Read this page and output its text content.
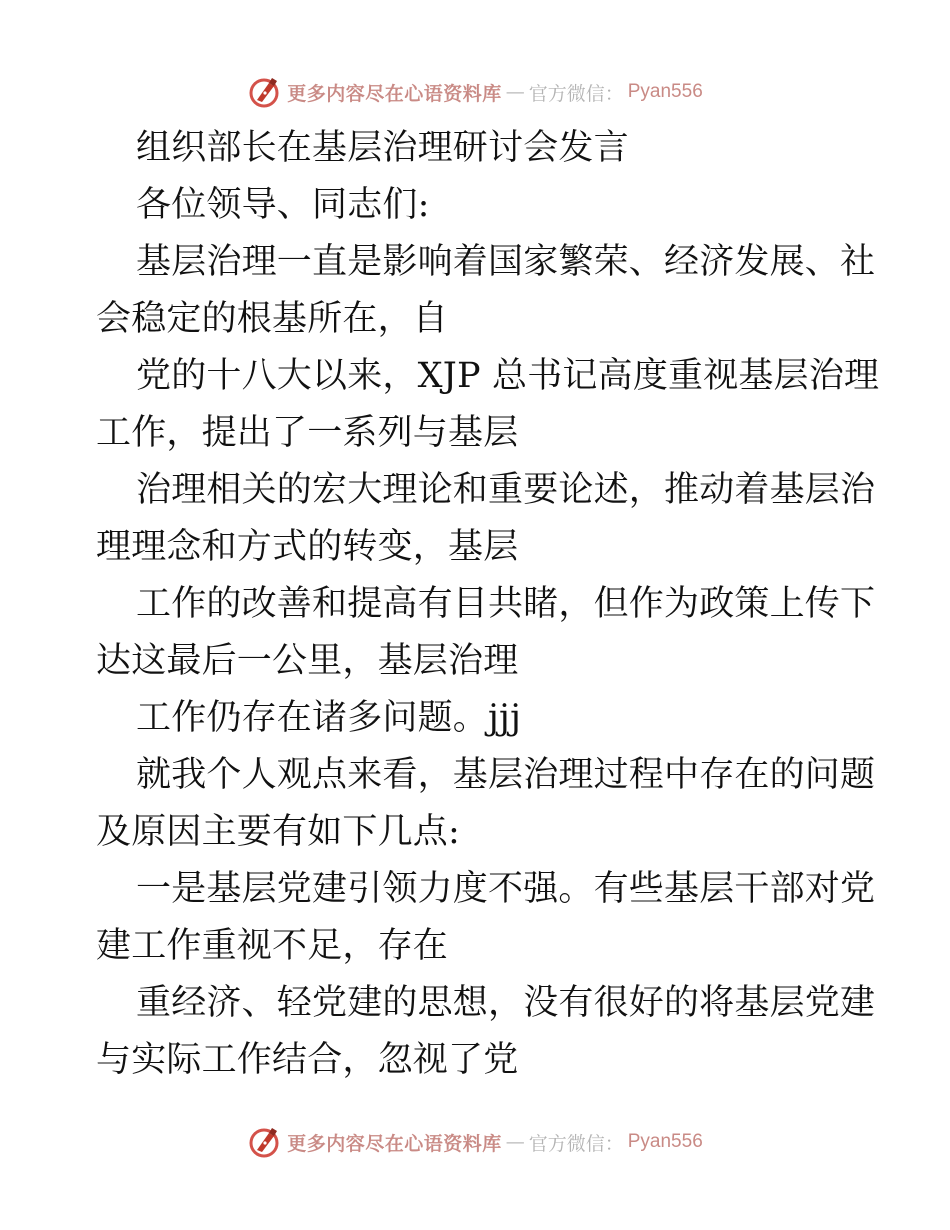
更多内容尽在心语资料库 — 官方微信： Pyan556
组织部长在基层治理研讨会发言
各位领导、同志们:
基层治理一直是影响着国家繁荣、经济发展、社
会稳定的根基所在，自
党的十八大以来，XJP 总书记高度重视基层治理
工作，提出了一系列与基层
治理相关的宏大理论和重要论述，推动着基层治
理理念和方式的转变，基层
工作的改善和提高有目共睹，但作为政策上传下
达这最后一公里，基层治理
工作仍存在诸多问题。jjj
就我个人观点来看，基层治理过程中存在的问题
及原因主要有如下几点:
一是基层党建引领力度不强。有些基层干部对党
建工作重视不足，存在
重经济、轻党建的思想，没有很好的将基层党建
与实际工作结合，忽视了党
更多内容尽在心语资料库 — 官方微信： Pyan556
